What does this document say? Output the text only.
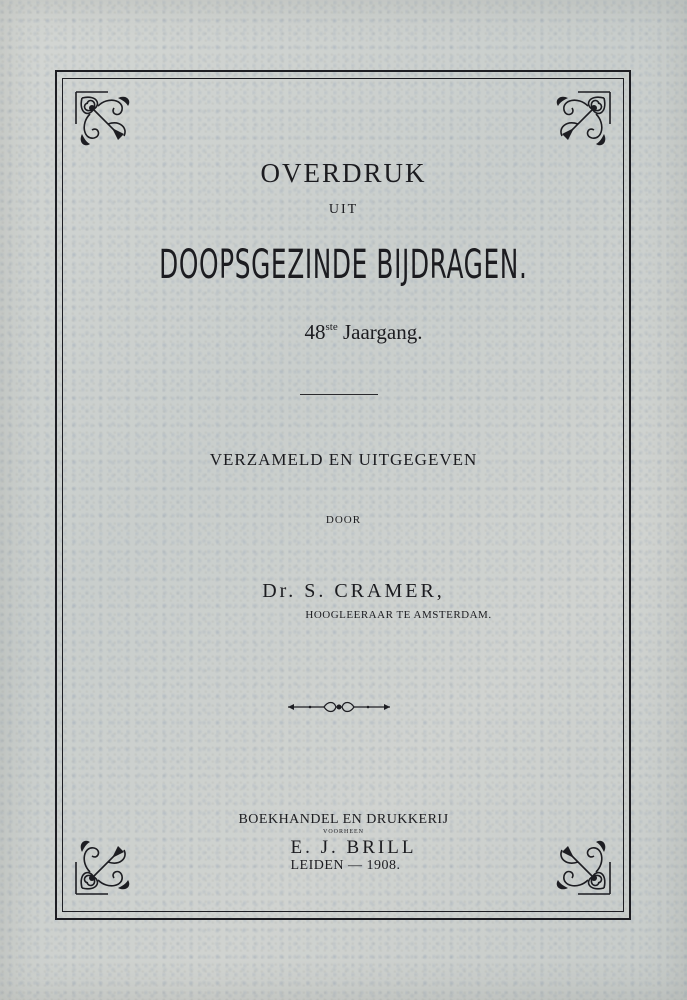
OVERDRUK
UIT
DOOPSGEZINDE BIJDRAGEN.
48ste Jaargang.
VERZAMELD EN UITGEGEVEN
DOOR
Dr. S. CRAMER,
HOOGLEERAAR TE AMSTERDAM.
BOEKHANDEL EN DRUKKERIJ
VOORHEEN
E. J. BRILL
LEIDEN — 1908.
